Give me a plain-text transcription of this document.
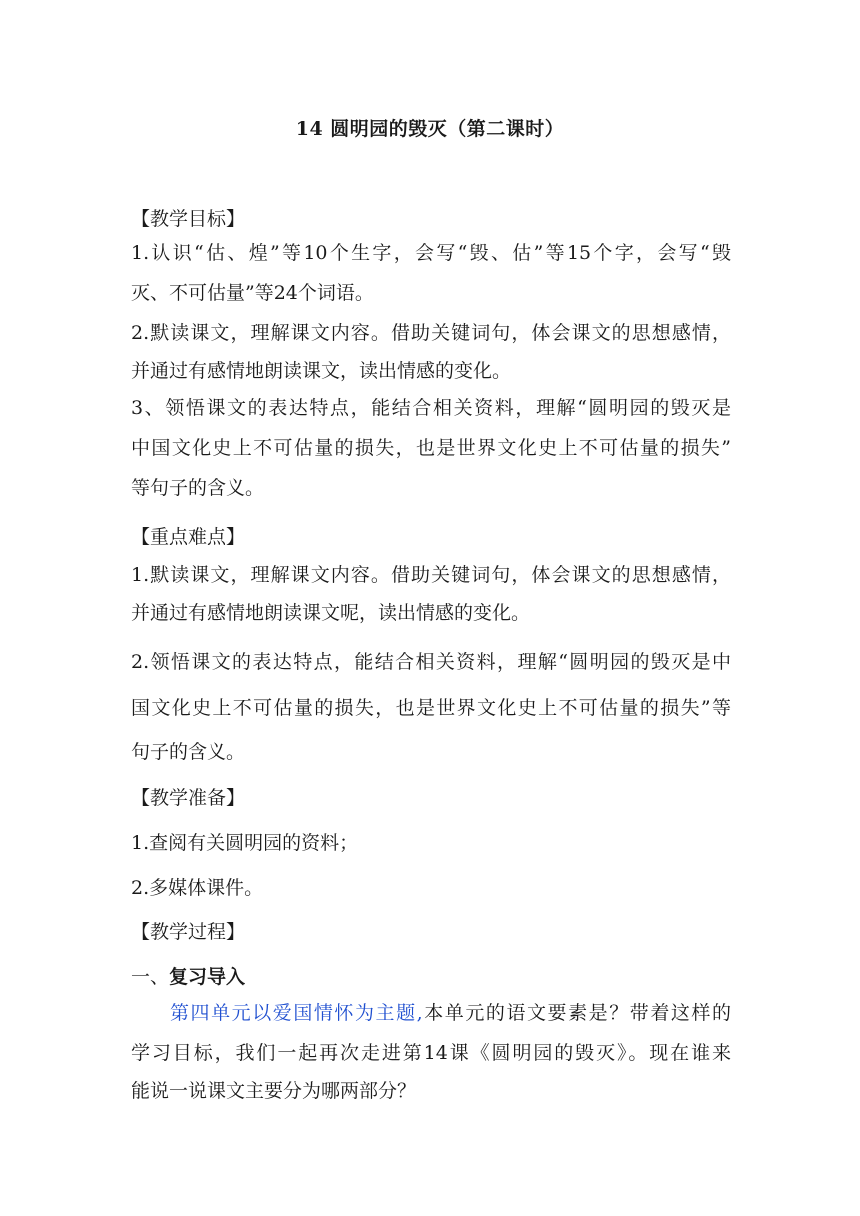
14 圆明园的毁灭（第二课时）
【教学目标】
1.认识“估、煌”等10个生字，会写“毁、估”等15个字，会写“毁
灭、不可估量”等24个词语。
2.默读课文，理解课文内容。借助关键词句，体会课文的思想感情，
并通过有感情地朗读课文，读出情感的变化。
3、领悟课文的表达特点，能结合相关资料，理解“圆明园的毁灭是
中国文化史上不可估量的损失，也是世界文化史上不可估量的损失”
等句子的含义。
【重点难点】
1.默读课文，理解课文内容。借助关键词句，体会课文的思想感情，
并通过有感情地朗读课文呢，读出情感的变化。
2.领悟课文的表达特点，能结合相关资料，理解“圆明园的毁灭是中
国文化史上不可估量的损失，也是世界文化史上不可估量的损失”等
句子的含义。
【教学准备】
1.查阅有关圆明园的资料；
2.多媒体课件。
【教学过程】
一、复习导入
第四单元以爱国情怀为主题,本单元的语文要素是？带着这样的
学习目标，我们一起再次走进第14课《圆明园的毁灭》。现在谁来
能说一说课文主要分为哪两部分？
